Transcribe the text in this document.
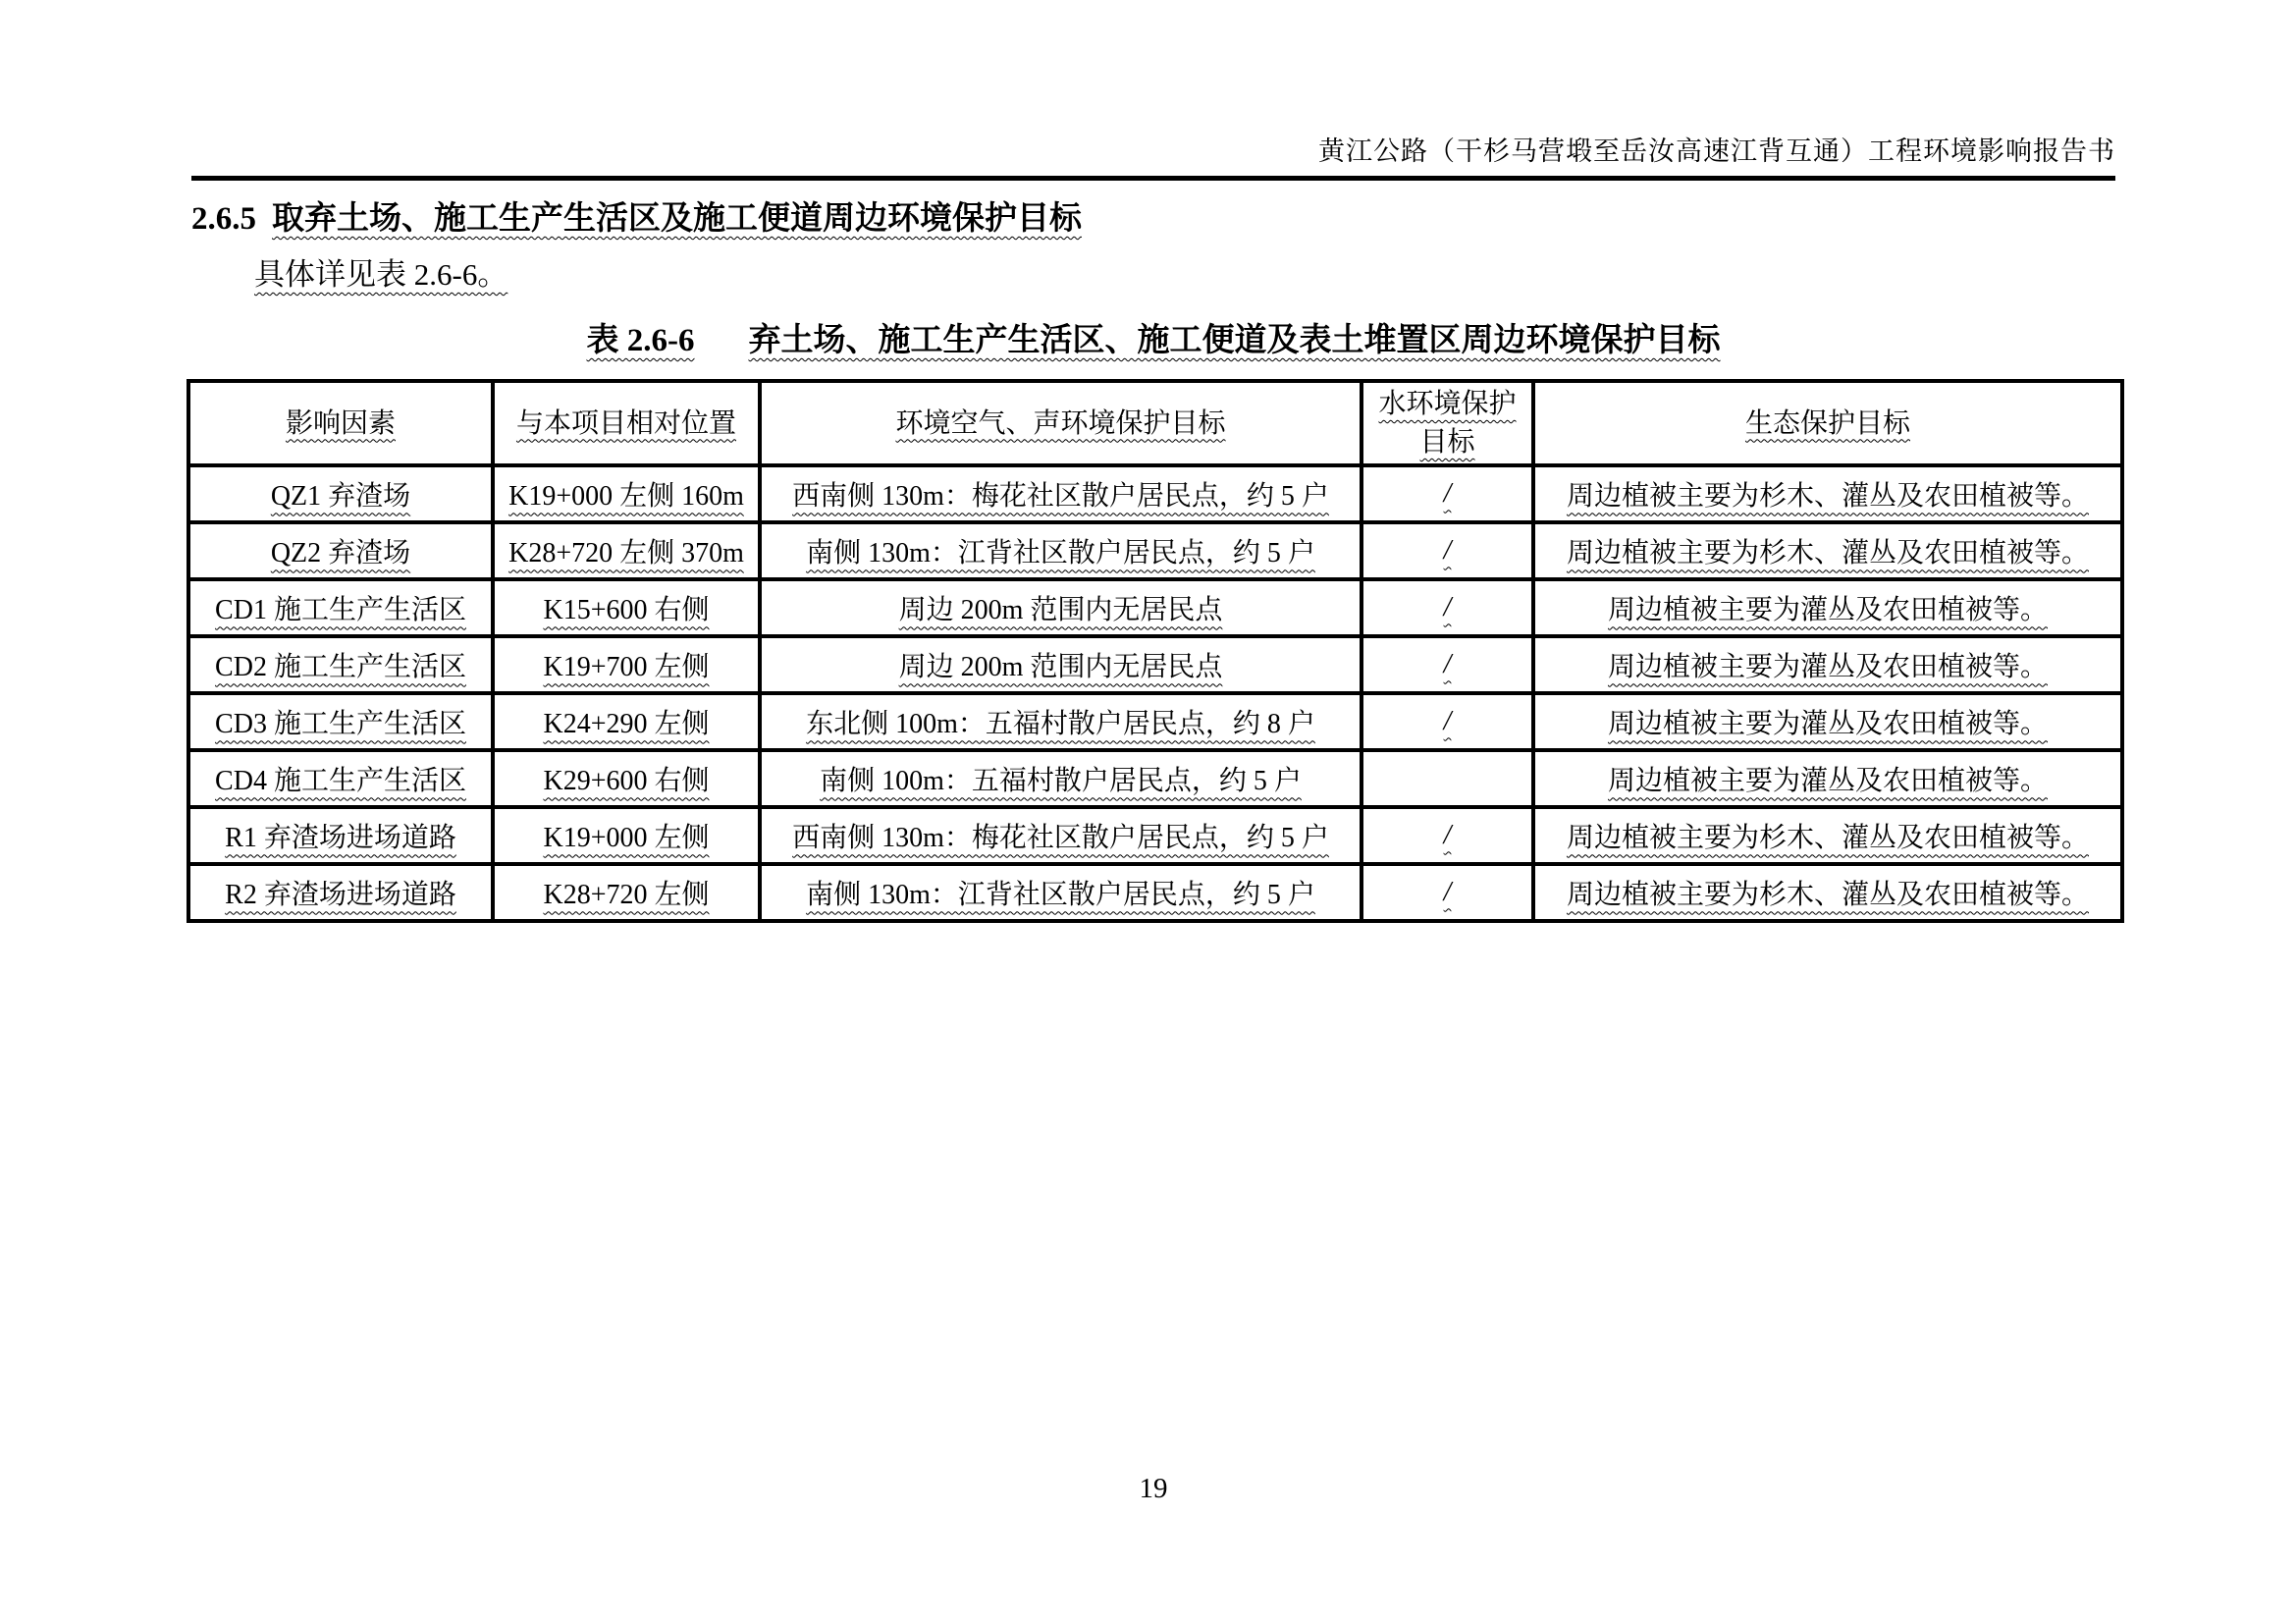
黄江公路（干杉马营塅至岳汝高速江背互通）工程环境影响报告书
2.6.5 取弃土场、施工生产生活区及施工便道周边环境保护目标
具体详见表 2.6-6。
表 2.6-6 弃土场、施工生产生活区、施工便道及表土堆置区周边环境保护目标
影响因素	与本项目相对位置	环境空气、声环境保护目标	水环境保护目标	生态保护目标
QZ1 弃渣场	K19+000 左侧 160m	西南侧 130m：梅花社区散户居民点，约 5 户	/	周边植被主要为杉木、灌丛及农田植被等。
QZ2 弃渣场	K28+720 左侧 370m	南侧 130m：江背社区散户居民点，约 5 户	/	周边植被主要为杉木、灌丛及农田植被等。
CD1 施工生产生活区	K15+600 右侧	周边 200m 范围内无居民点	/	周边植被主要为灌丛及农田植被等。
CD2 施工生产生活区	K19+700 左侧	周边 200m 范围内无居民点	/	周边植被主要为灌丛及农田植被等。
CD3 施工生产生活区	K24+290 左侧	东北侧 100m：五福村散户居民点，约 8 户	/	周边植被主要为灌丛及农田植被等。
CD4 施工生产生活区	K29+600 右侧	南侧 100m：五福村散户居民点，约 5 户		周边植被主要为灌丛及农田植被等。
R1 弃渣场进场道路	K19+000 左侧	西南侧 130m：梅花社区散户居民点，约 5 户	/	周边植被主要为杉木、灌丛及农田植被等。
R2 弃渣场进场道路	K28+720 左侧	南侧 130m：江背社区散户居民点，约 5 户	/	周边植被主要为杉木、灌丛及农田植被等。
19
